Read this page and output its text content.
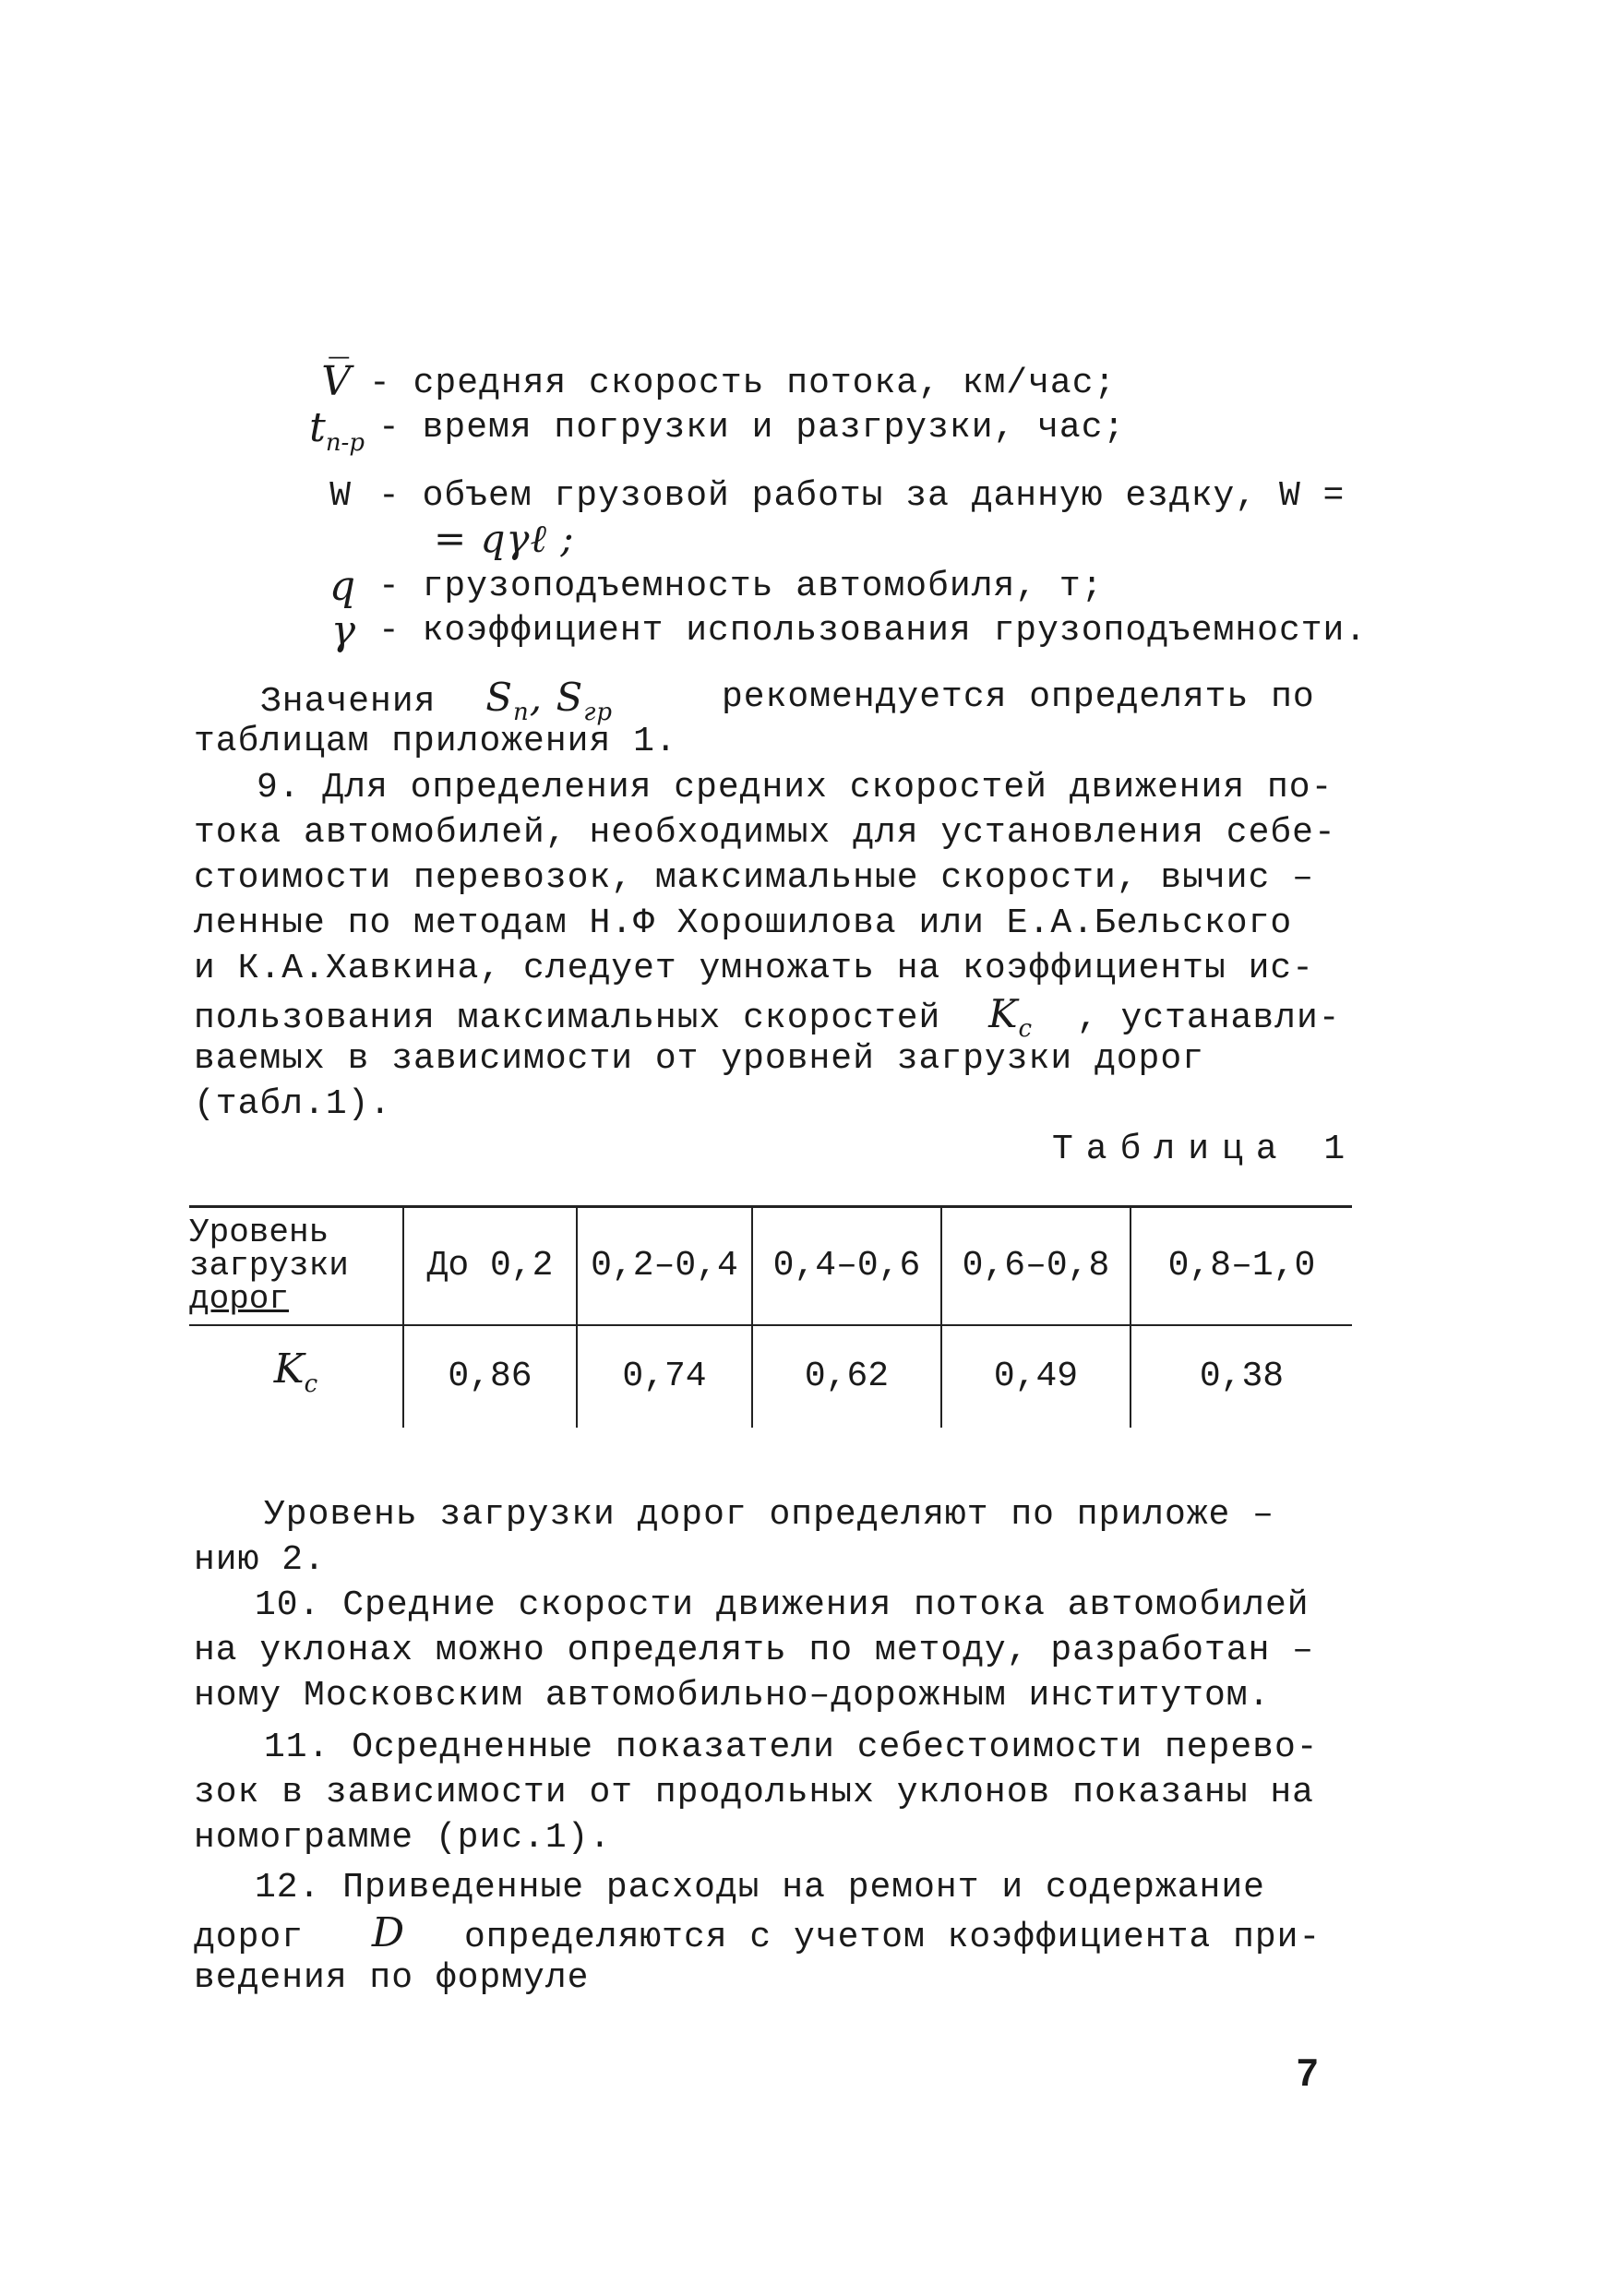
V̅ - средняя скорость потока, км/час;
$t_{п-р}$ - время погрузки и разгрузки, час;
W - объем грузовой работы за данную ездку, W =
= qγℓ ;
q - грузоподъемность автомобиля, т;
γ - коэффициент использования грузоподъемности.
Значения $S_п$, $S_{гр}$	рекомендуется определять по
таблицам приложения 1.
9. Для определения средних скоростей движения по-
тока автомобилей, необходимых для установления себе-
стоимости перевозок, максимальные скорости, вычис –
ленные по методам Н.Ф Хорошилова или Е.А.Бельского
и К.А.Хавкина, следует умножать на коэффициенты ис-
пользования максимальных скоростей $K_c$ , устанавли-
ваемых в зависимости от уровней загрузки дорог
(табл.1).
Таблица 1
Уровень
загрузки
дорог	До 0,2	0,2–0,4	0,4–0,6	0,6–0,8	0,8–1,0
$K_с$	0,86	0,74	0,62	0,49	0,38
Уровень загрузки дорог определяют по приложе –
нию 2.
10. Средние скорости движения потока автомобилей
на уклонах можно определять по методу, разработан –
ному Московским автомобильно–дорожным институтом.
11. Осредненные показатели себестоимости перево-
зок в зависимости от продольных уклонов показаны на
номограмме (рис.1).
12. Приведенные расходы на ремонт и содержание
дорог D определяются с учетом коэффициента при-
ведения по формуле
7
